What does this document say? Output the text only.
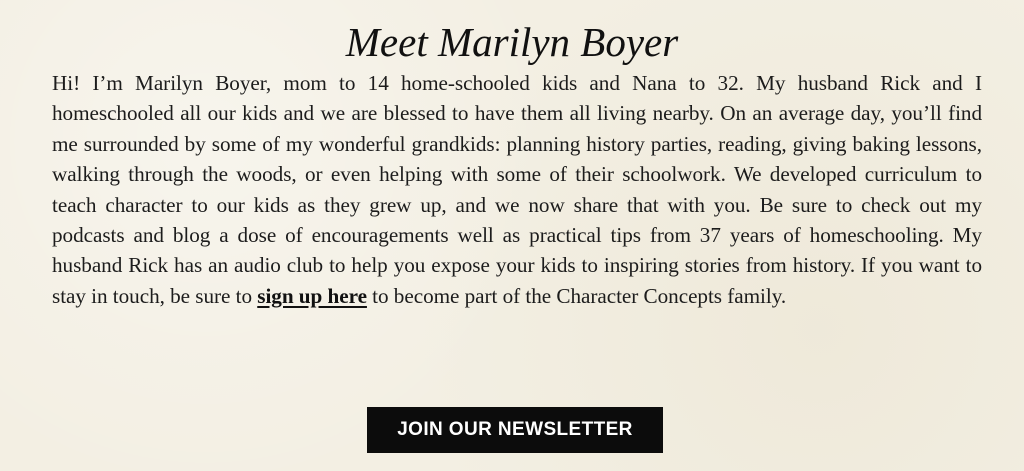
Meet Marilyn Boyer

Hi! I’m Marilyn Boyer, mom to 14 home-schooled kids and Nana to 32. My husband Rick and I homeschooled all our kids and we are blessed to have them all living nearby. On an average day, you’ll find me surrounded by some of my wonderful grandkids: planning history parties, reading, giving baking lessons, walking through the woods, or even helping with some of their schoolwork. We developed curriculum to teach character to our kids as they grew up, and we now share that with you. Be sure to check out my podcasts and blog a dose of encouragements well as practical tips from 37 years of homeschooling. My husband Rick has an audio club to help you expose your kids to inspiring stories from history. If you want to stay in touch, be sure to sign up here to become part of the Character Concepts family.

JOIN OUR NEWSLETTER
